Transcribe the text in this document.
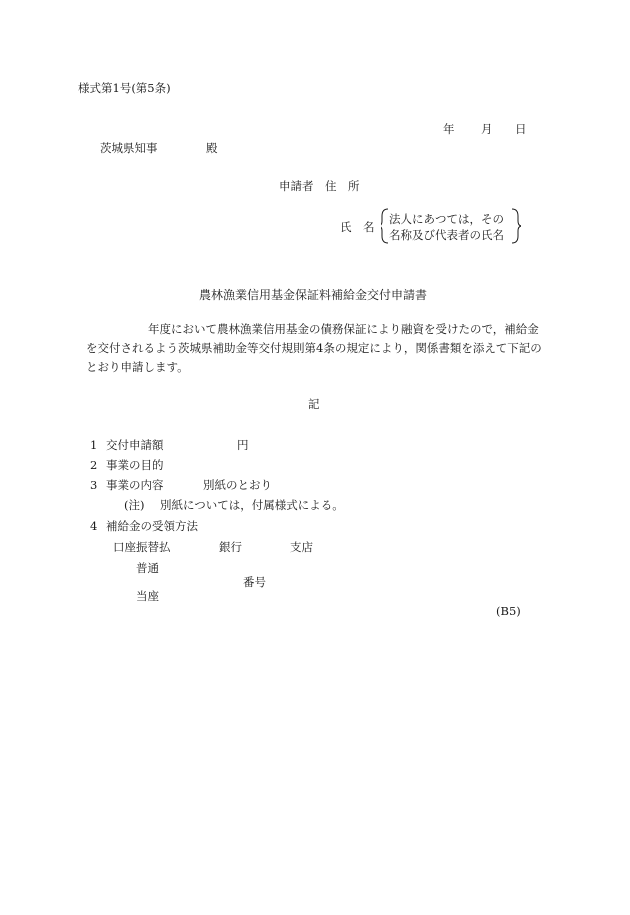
様式第1号(第5条)
年 月 日
茨城県知事	殿
申請者 住　所
氏　名
法人にあつては，その
名称及び代表者の氏名
農林漁業信用基金保証料補給金交付申請書
年度において農林漁業信用基金の債務保証により融資を受けたので，補給金
を交付されるよう茨城県補助金等交付規則第4条の規定により，関係書類を添えて下記の
とおり申請します。
記
1 交付申請額	円
2 事業の目的
3 事業の内容	別紙のとおり
(注) 別紙については，付属様式による。
4 補給金の受領方法
口座振替払	銀行	支店
普通
番号
当座
(B5)
